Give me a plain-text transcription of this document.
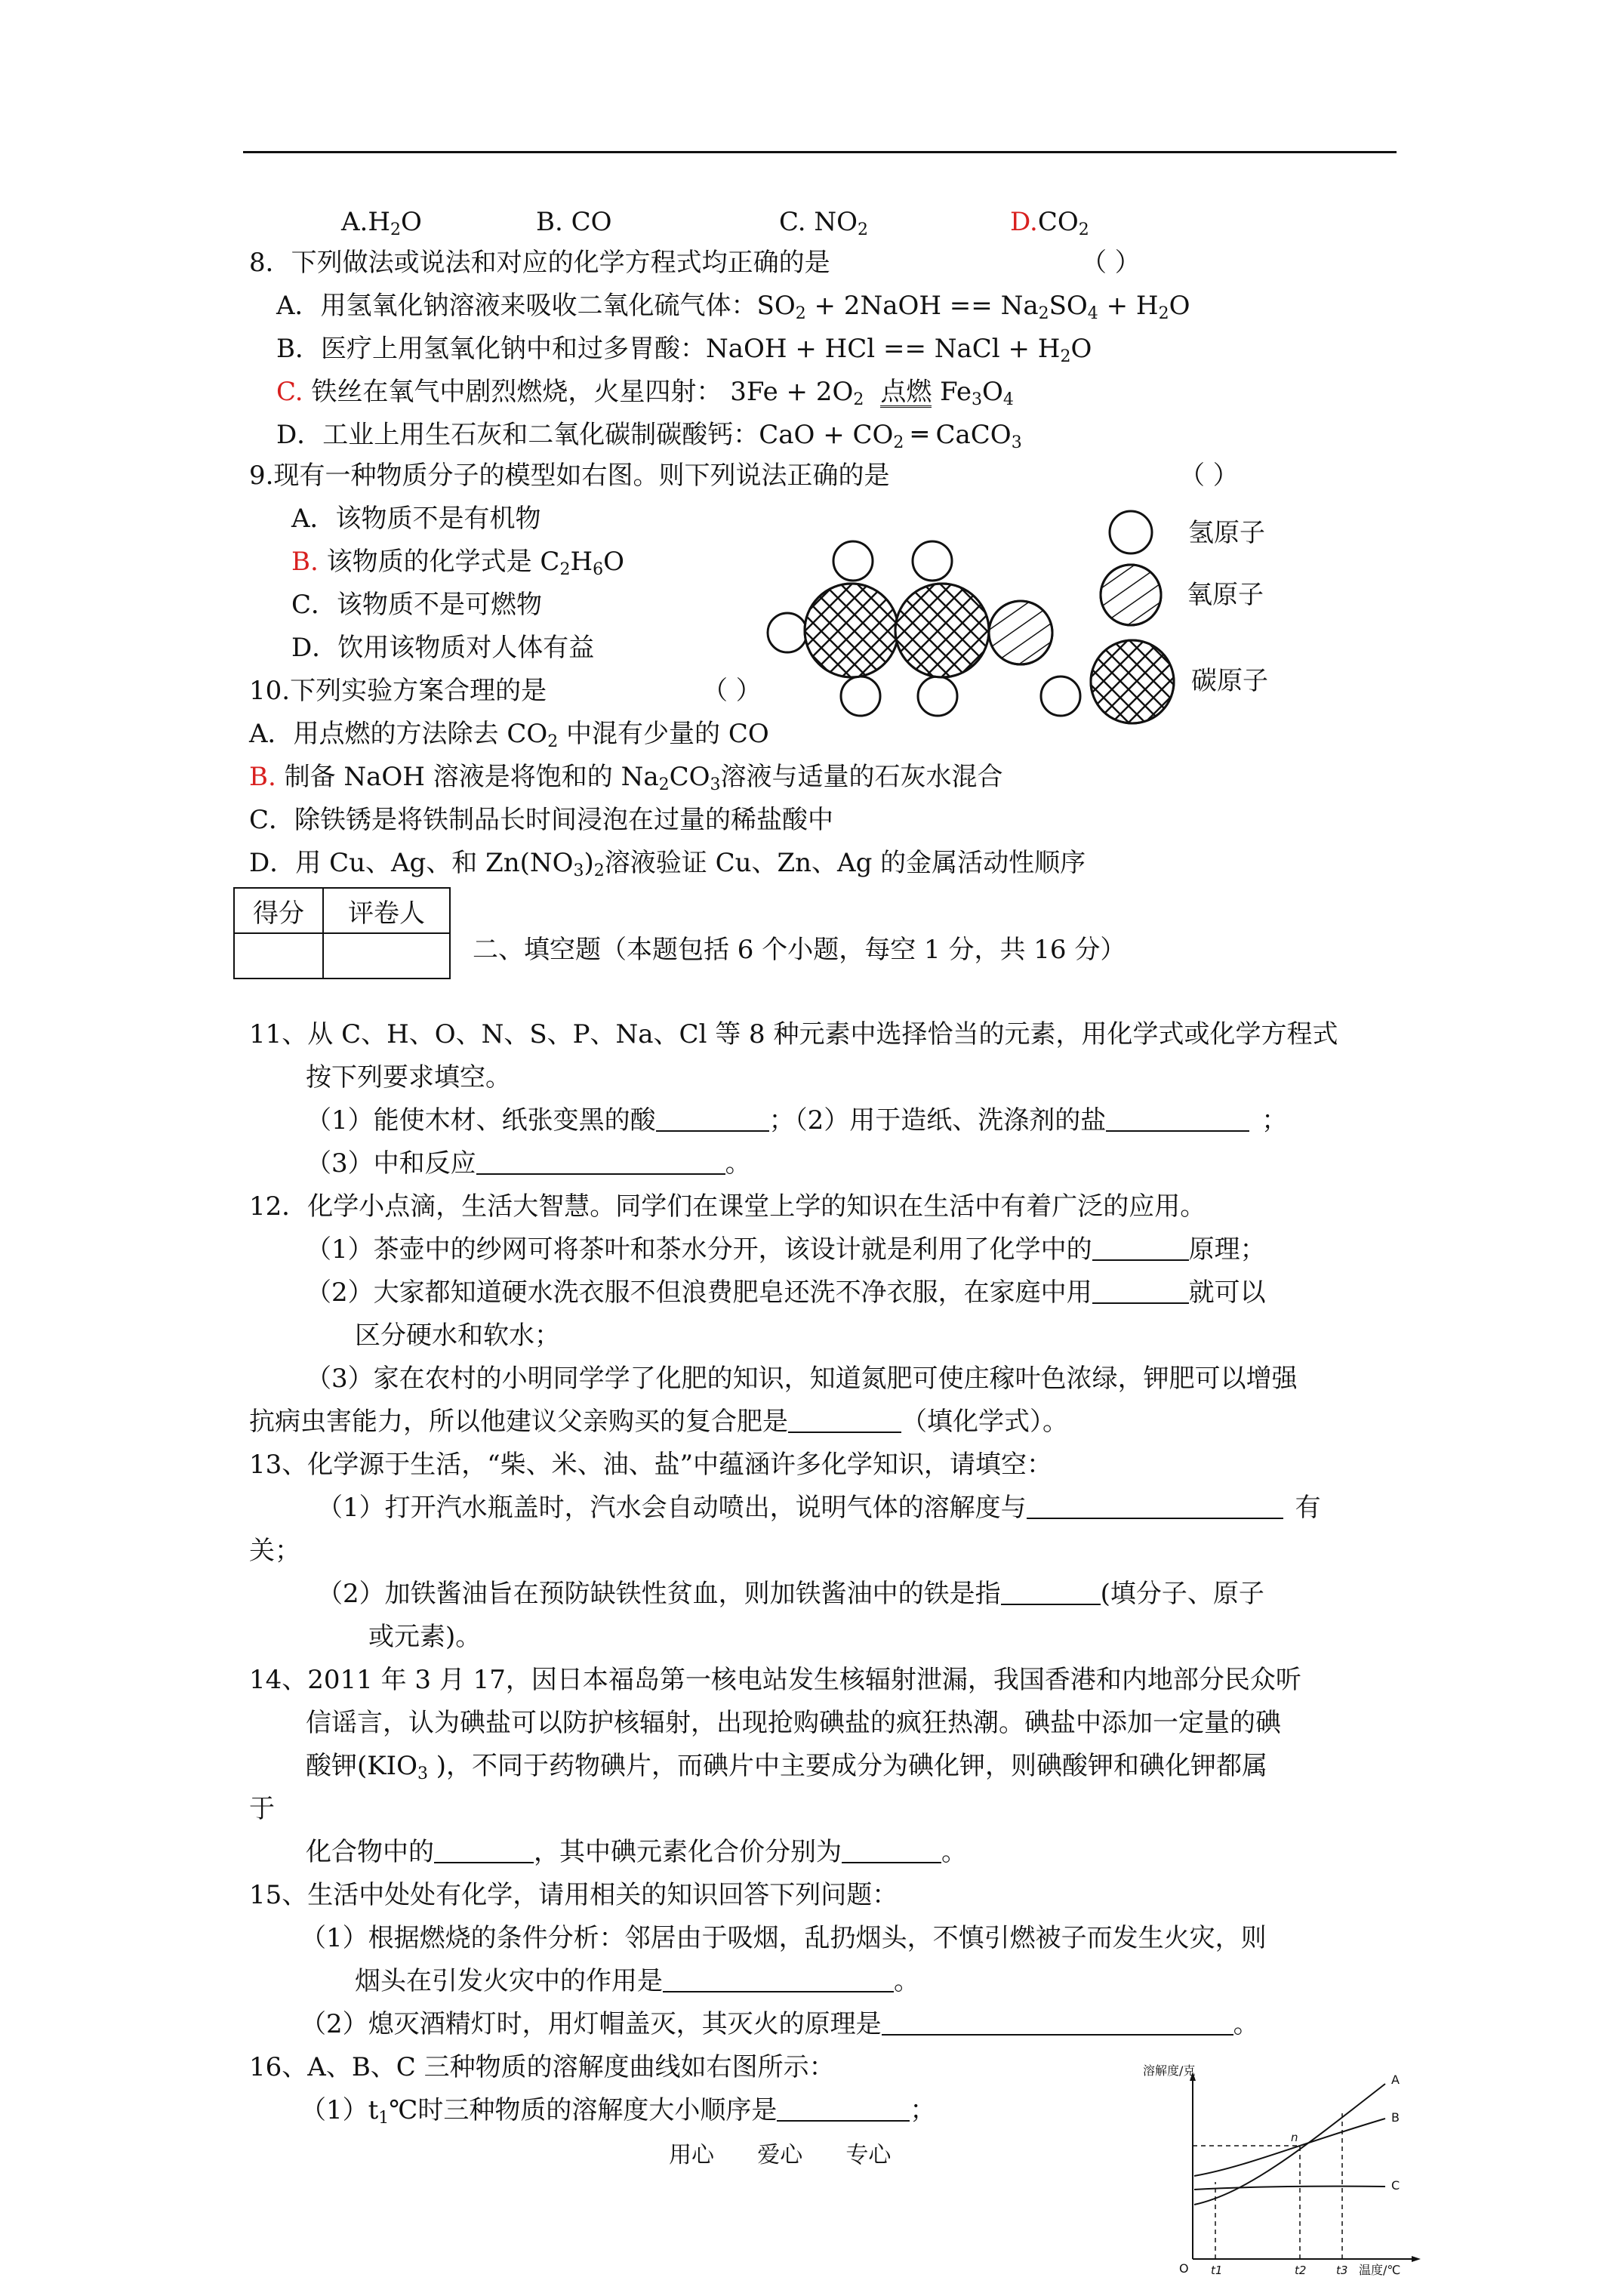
$A.H_2O$	B. CO	C. $NO_2$	$D.CO_2$
8．下列做法或说法和对应的化学方程式均正确的是	（ ）
A．用氢氧化钠溶液来吸收二氧化硫气体：$SO_2$ + 2NaOH == $Na_2SO_4 + H_2O$
B．医疗上用氢氧化钠中和过多胃酸：NaOH + HCl == NaCl + $H_2O$
C. 铁丝在氧气中剧烈燃烧，火星四射： $3Fe + 2O_2$ 点燃 $Fe_3O_4$
D．工业上用生石灰和二氧化碳制碳酸钙：CaO + $CO_2$ ═ CaCO$_3$
9.现有一种物质分子的模型如右图。则下列说法正确的是	（ ）
A．该物质不是有机物
B. 该物质的化学式是 $C_2H_6O$
C．该物质不是可燃物
D．饮用该物质对人体有益
氢原子
氧原子
碳原子
10.下列实验方案合理的是	（ ）
A．用点燃的方法除去 $CO_2$ 中混有少量的 CO
B. 制备 NaOH 溶液是将饱和的 $Na_2CO_3$溶液与适量的石灰水混合
C．除铁锈是将铁制品长时间浸泡在过量的稀盐酸中
D．用 Cu、Ag、和 $Zn(NO_3)_2$溶液验证 Cu、Zn、Ag 的金属活动性顺序
得分	评卷人

二、填空题（本题包括 6 个小题，每空 1 分，共 16 分）
11、从 C、H、O、N、S、P、Na、Cl 等 8 种元素中选择恰当的元素，用化学式或化学方程式
按下列要求填空。
（1）能使木材、纸张变黑的酸	；（2）用于造纸、洗涤剂的盐	；
（3）中和反应	。
12．化学小点滴，生活大智慧。同学们在课堂上学的知识在生活中有着广泛的应用。
（1）茶壶中的纱网可将茶叶和茶水分开，该设计就是利用了化学中的	原理；
（2）大家都知道硬水洗衣服不但浪费肥皂还洗不净衣服，在家庭中用	就可以
区分硬水和软水；
（3）家在农村的小明同学学了化肥的知识，知道氮肥可使庄稼叶色浓绿，钾肥可以增强
抗病虫害能力，所以他建议父亲购买的复合肥是	（填化学式）。
13、化学源于生活，“柴、米、油、盐”中蕴涵许多化学知识，请填空：
（1）打开汽水瓶盖时，汽水会自动喷出，说明气体的溶解度与	有
关；
（2）加铁酱油旨在预防缺铁性贫血，则加铁酱油中的铁是指	(填分子、原子
或元素)。
14、2011 年 3 月 17，因日本福岛第一核电站发生核辐射泄漏，我国香港和内地部分民众听
信谣言，认为碘盐可以防护核辐射，出现抢购碘盐的疯狂热潮。碘盐中添加一定量的碘
酸钾($KIO_3$ )，不同于药物碘片，而碘片中主要成分为碘化钾，则碘酸钾和碘化钾都属
于
化合物中的	，其中碘元素化合价分别为	。
15、生活中处处有化学，请用相关的知识回答下列问题：
（1）根据燃烧的条件分析：邻居由于吸烟，乱扔烟头，不慎引燃被子而发生火灾，则
烟头在引发火灾中的作用是	。
（2）熄灭酒精灯时，用灯帽盖灭，其灭火的原理是	。
16、A、B、C 三种物质的溶解度曲线如右图所示：
$(1)t_1℃$时三种物质的溶解度大小顺序是	；
溶解度/克
温度/℃
O
A
B
C
n
t1	t2	t3
用心      爱心      专心
